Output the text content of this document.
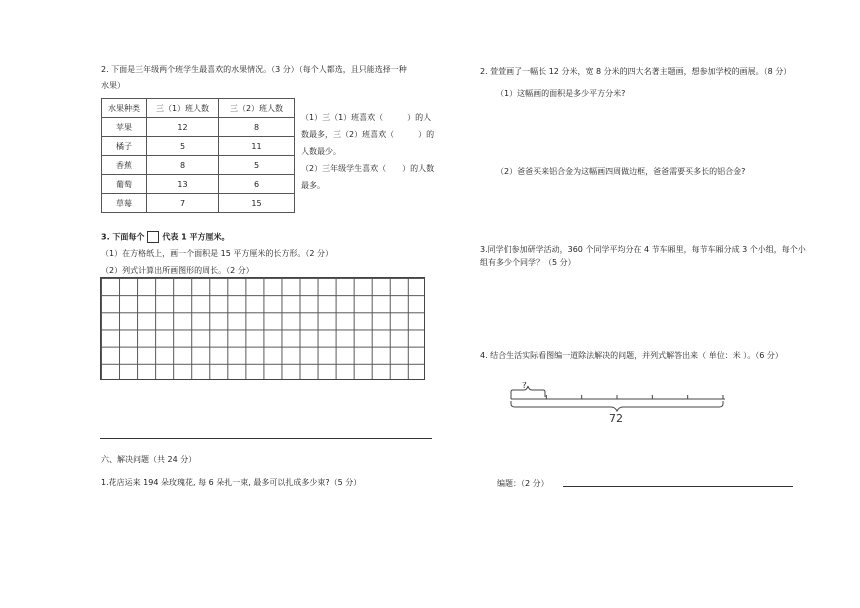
2. 下面是三年级两个班学生最喜欢的水果情况。（3 分）（每个人都选，且只能选择一种
水果）
水果种类	三（1）班人数	三（2）班人数
苹果	12	8
橘子	5	11
香蕉	8	5
葡萄	13	6
草莓	7	15
（1）三（1）班喜欢（　　　）的人
数最多，三（2）班喜欢（　　　）的
人数最少。
（2）三年级学生喜欢（　　）的人数
最多。
3. 下面每个 代表 1 平方厘米。
（1）在方格纸上，画一个面积是 15 平方厘米的长方形。（2 分）
（2）列式计算出所画图形的周长。（2 分）
六、解决问题（共 24 分）
1.花店运来 194 朵玫瑰花, 每 6 朵扎一束, 最多可以扎成多少束?（5 分）
2. 萱萱画了一幅长 12 分米，宽 8 分米的四大名著主题画，想参加学校的画展。（8 分）
（1）这幅画的面积是多少平方分米?
（2）爸爸买来铝合金为这幅画四周做边框，爸爸需要买多长的铝合金?
3.同学们参加研学活动，360 个同学平均分在 4 节车厢里，每节车厢分成 3 个小组，每个小
组有多少个同学？（5 分）
4. 结合生活实际看图编一道除法解决的问题，并列式解答出来（ 单位：米 ）。（6 分）
?
72
编题：（2 分）
